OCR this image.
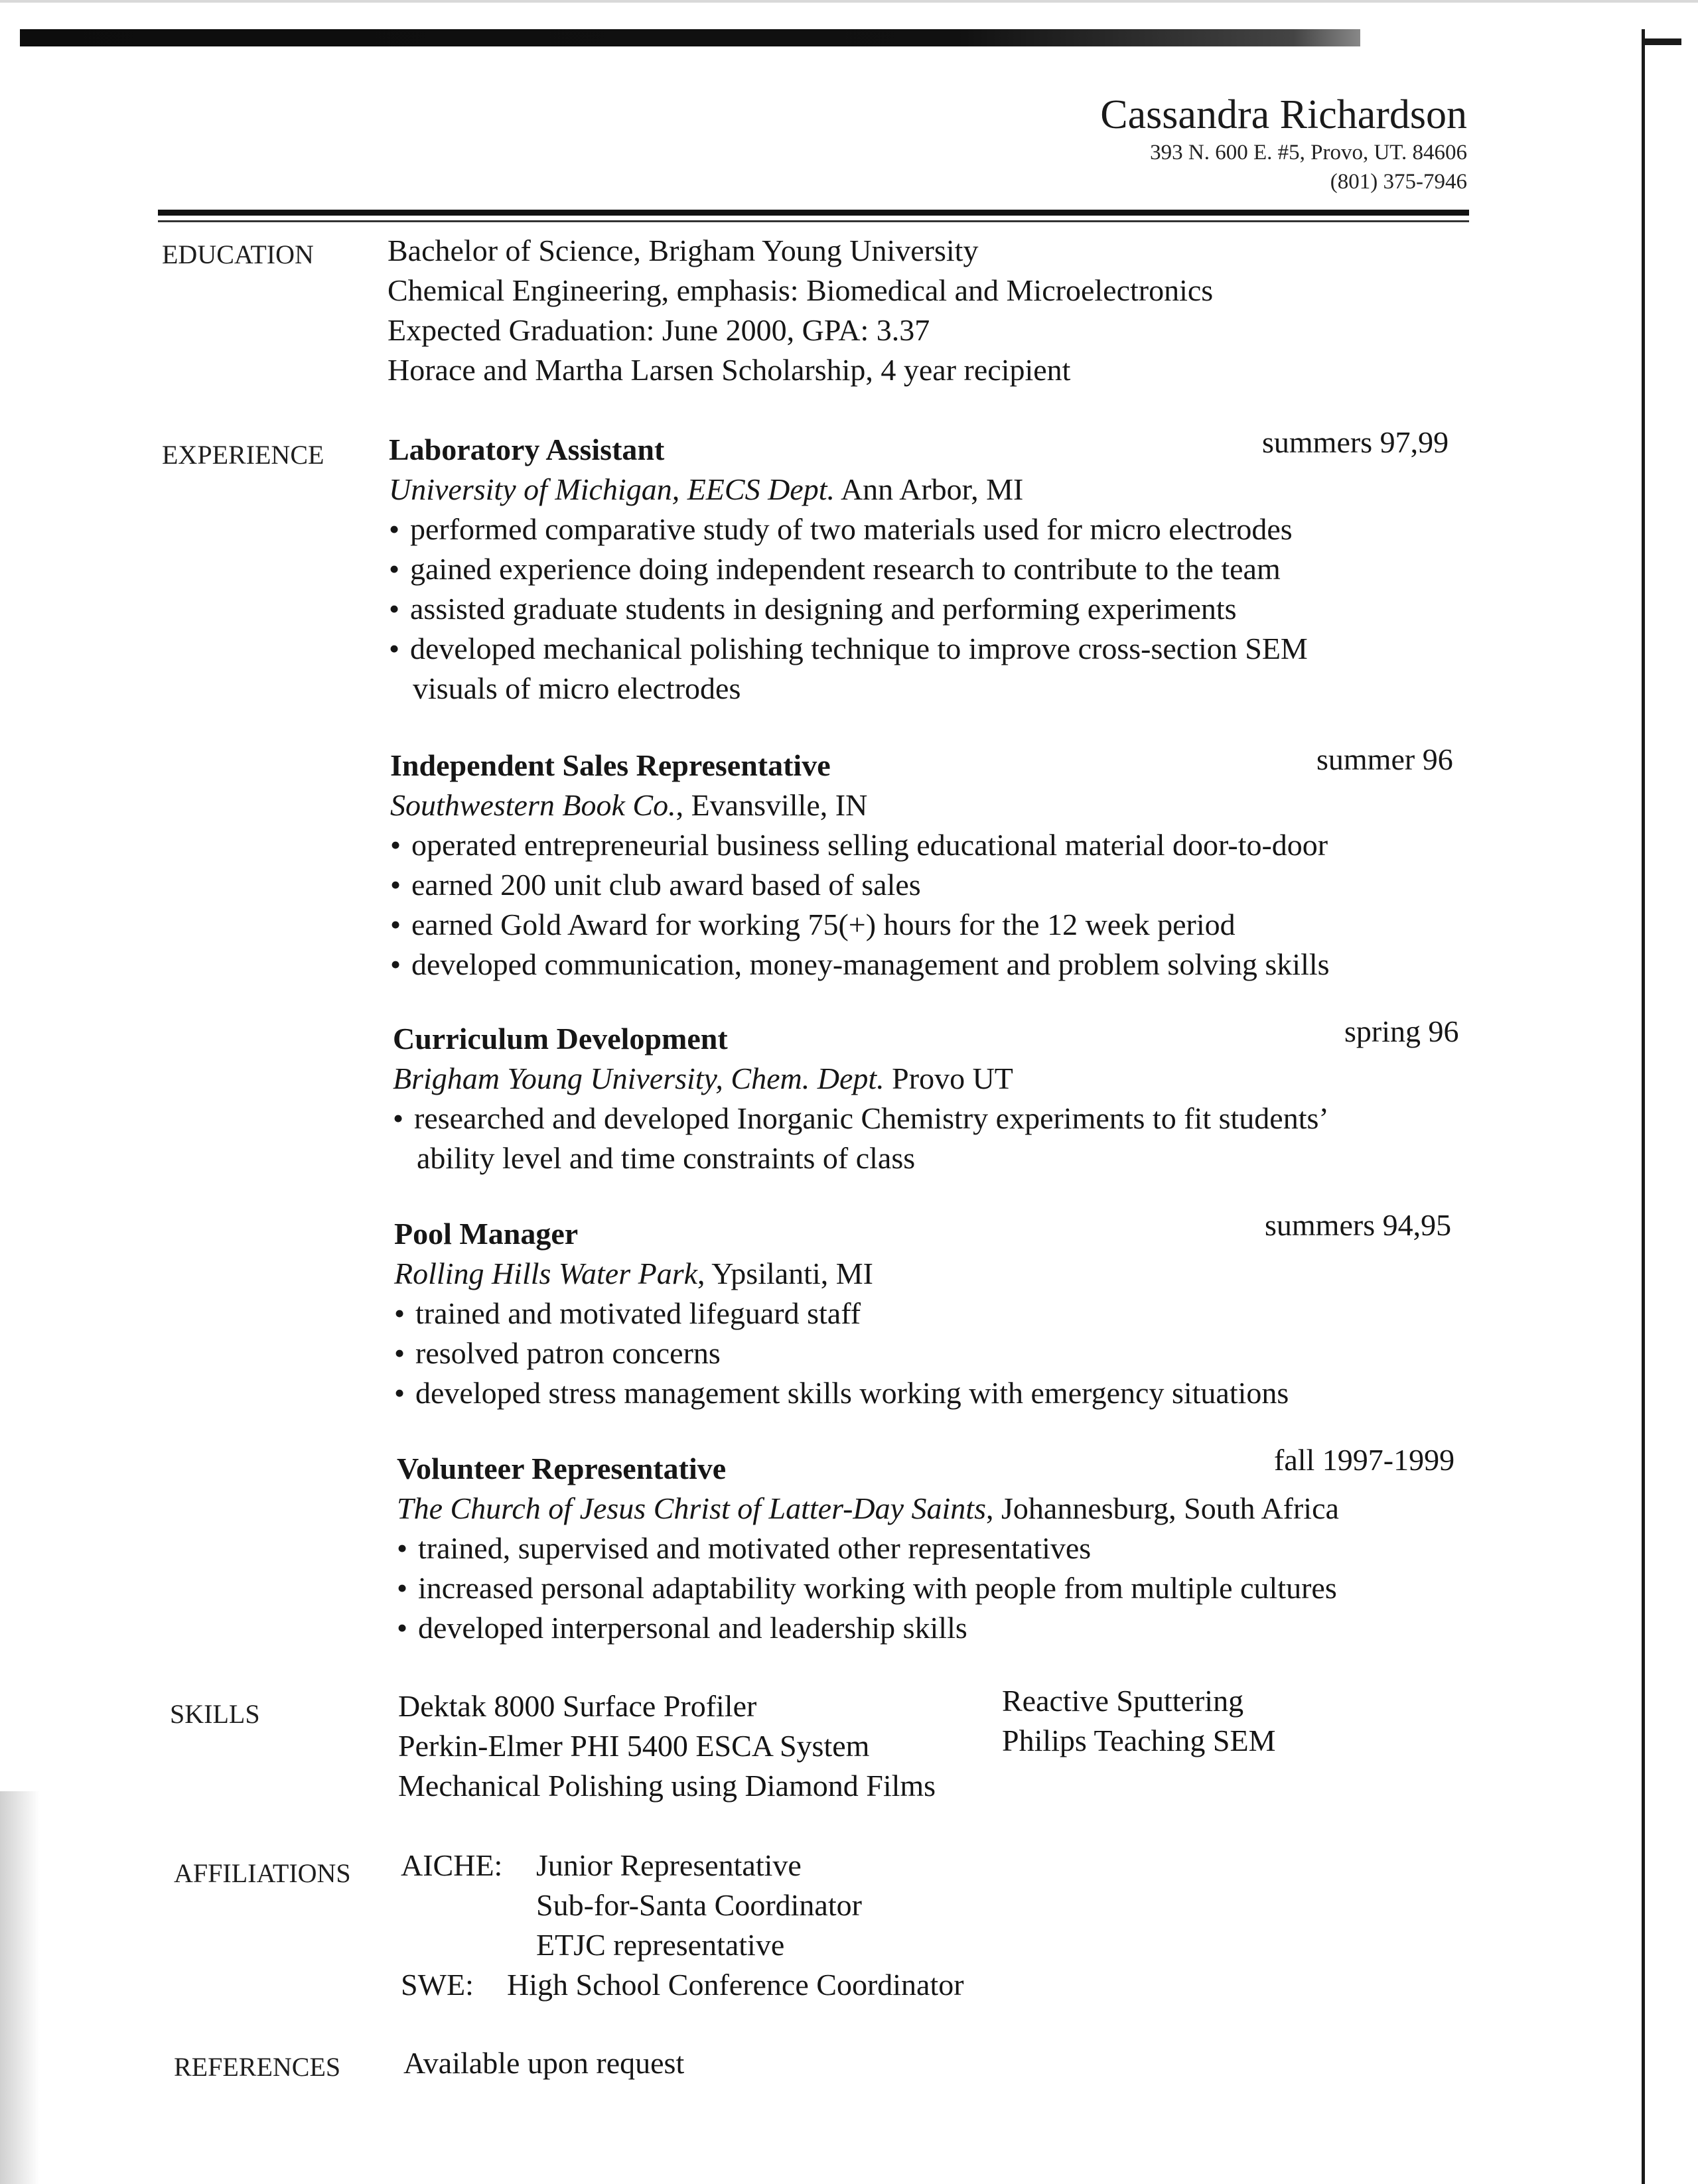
Cassandra Richardson
393 N. 600 E. #5, Provo, UT. 84606
(801) 375-7946
EDUCATION Bachelor of Science, Brigham Young University
Chemical Engineering, emphasis: Biomedical and Microelectronics
Expected Graduation: June 2000, GPA: 3.37
Horace and Martha Larsen Scholarship, 4 year recipient
EXPERIENCE	summers 97,99
Laboratory Assistant
University of Michigan, EECS Dept. Ann Arbor, MI
• performed comparative study of two materials used for micro electrodes
• gained experience doing independent research to contribute to the team
• assisted graduate students in designing and performing experiments
• developed mechanical polishing technique to improve cross-section SEM
visuals of micro electrodes
summer 96
Independent Sales Representative
Southwestern Book Co., Evansville, IN
• operated entrepreneurial business selling educational material door-to-door
• earned 200 unit club award based of sales
• earned Gold Award for working 75(+) hours for the 12 week period
• developed communication, money-management and problem solving skills
spring 96
Curriculum Development
Brigham Young University, Chem. Dept. Provo UT
• researched and developed Inorganic Chemistry experiments to fit students’
ability level and time constraints of class
summers 94,95
Pool Manager
Rolling Hills Water Park, Ypsilanti, MI
• trained and motivated lifeguard staff
• resolved patron concerns
• developed stress management skills working with emergency situations
fall 1997-1999
Volunteer Representative
The Church of Jesus Christ of Latter-Day Saints, Johannesburg, South Africa
• trained, supervised and motivated other representatives
• increased personal adaptability working with people from multiple cultures
• developed interpersonal and leadership skills
SKILLS	Dektak 8000 Surface Profiler
Perkin-Elmer PHI 5400 ESCA System
Mechanical Polishing using Diamond Films
Reactive Sputtering
Philips Teaching SEM
AFFILIATIONS AICHE: Junior Representative
Sub-for-Santa Coordinator
ETJC representative
SWE: High School Conference Coordinator
REFERENCES Available upon request
